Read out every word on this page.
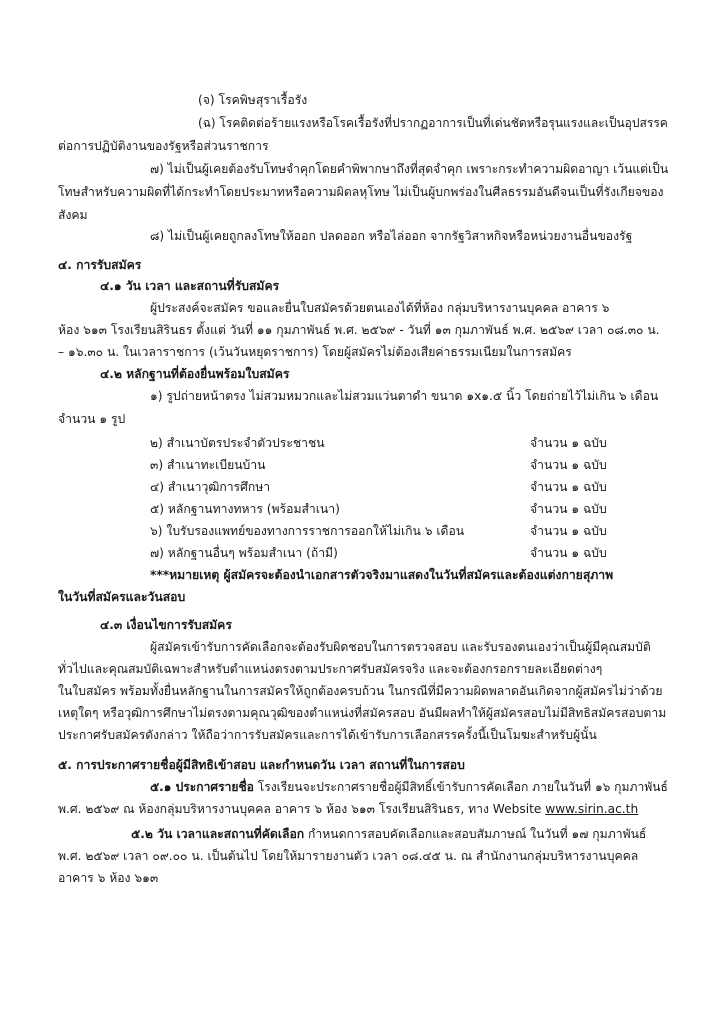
(จ) โรคพิษสุราเรื้อรัง
(ฉ) โรคติดต่อร้ายแรงหรือโรคเรื้อรังที่ปรากฏอาการเป็นที่เด่นชัดหรือรุนแรงและเป็นอุปสรรค
ต่อการปฏิบัติงานของรัฐหรือส่วนราชการ
๗) ไม่เป็นผู้เคยต้องรับโทษจำคุกโดยคำพิพากษาถึงที่สุดจำคุก เพราะกระทำความผิดอาญา เว้นแต่เป็น
โทษสำหรับความผิดที่ได้กระทำโดยประมาทหรือความผิดลหุโทษ ไม่เป็นผู้บกพร่องในศีลธรรมอันดีจนเป็นที่รังเกียจของ
สังคม
๘) ไม่เป็นผู้เคยถูกลงโทษให้ออก ปลดออก หรือไล่ออก จากรัฐวิสาหกิจหรือหน่วยงานอื่นของรัฐ
๔. การรับสมัคร
๔.๑ วัน เวลา และสถานที่รับสมัคร
ผู้ประสงค์จะสมัคร ขอและยื่นใบสมัครด้วยตนเองได้ที่ห้อง กลุ่มบริหารงานบุคคล อาคาร ๖
ห้อง ๖๑๓ โรงเรียนสิรินธร ตั้งแต่ วันที่ ๑๑ กุมภาพันธ์ พ.ศ. ๒๕๖๙ - วันที่ ๑๓ กุมภาพันธ์ พ.ศ. ๒๕๖๙ เวลา ๐๘.๓๐ น.
– ๑๖.๓๐ น. ในเวลาราชการ (เว้นวันหยุดราชการ) โดยผู้สมัครไม่ต้องเสียค่าธรรมเนียมในการสมัคร
๔.๒ หลักฐานที่ต้องยื่นพร้อมใบสมัคร
๑) รูปถ่ายหน้าตรง ไม่สวมหมวกและไม่สวมแว่นตาดำ ขนาด ๑x๑.๕ นิ้ว โดยถ่ายไว้ไม่เกิน ๖ เดือน
จำนวน ๑ รูป
๒) สำเนาบัตรประจำตัวประชาชน	จำนวน ๑ ฉบับ
๓) สำเนาทะเบียนบ้าน	จำนวน ๑ ฉบับ
๔) สำเนาวุฒิการศึกษา	จำนวน ๑ ฉบับ
๕) หลักฐานทางทหาร (พร้อมสำเนา)	จำนวน ๑ ฉบับ
๖) ใบรับรองแพทย์ของทางการราชการออกให้ไม่เกิน ๖ เดือน	จำนวน ๑ ฉบับ
๗) หลักฐานอื่นๆ พร้อมสำเนา (ถ้ามี)	จำนวน ๑ ฉบับ
***หมายเหตุ ผู้สมัครจะต้องนำเอกสารตัวจริงมาแสดงในวันที่สมัครและต้องแต่งกายสุภาพ
ในวันที่สมัครและวันสอบ
๔.๓ เงื่อนไขการรับสมัคร
ผู้สมัครเข้ารับการคัดเลือกจะต้องรับผิดชอบในการตรวจสอบ และรับรองตนเองว่าเป็นผู้มีคุณสมบัติ
ทั่วไปและคุณสมบัติเฉพาะสำหรับตำแหน่งตรงตามประกาศรับสมัครจริง และจะต้องกรอกรายละเอียดต่างๆ
ในใบสมัคร พร้อมทั้งยื่นหลักฐานในการสมัครให้ถูกต้องครบถ้วน ในกรณีที่มีความผิดพลาดอันเกิดจากผู้สมัครไม่ว่าด้วย
เหตุใดๆ หรือวุฒิการศึกษาไม่ตรงตามคุณวุฒิของตำแหน่งที่สมัครสอบ อันมีผลทำให้ผู้สมัครสอบไม่มีสิทธิสมัครสอบตาม
ประกาศรับสมัครดังกล่าว ให้ถือว่าการรับสมัครและการได้เข้ารับการเลือกสรรครั้งนี้เป็นโมฆะสำหรับผู้นั้น
๕. การประกาศรายชื่อผู้มีสิทธิเข้าสอบ และกำหนดวัน เวลา สถานที่ในการสอบ
๕.๑ ประกาศรายชื่อ โรงเรียนจะประกาศรายชื่อผู้มีสิทธิ์เข้ารับการคัดเลือก ภายในวันที่ ๑๖ กุมภาพันธ์
พ.ศ. ๒๕๖๙ ณ ห้องกลุ่มบริหารงานบุคคล อาคาร ๖ ห้อง ๖๑๓ โรงเรียนสิรินธร, ทาง Website www.sirin.ac.th
๕.๒ วัน เวลาและสถานที่คัดเลือก กำหนดการสอบคัดเลือกและสอบสัมภาษณ์ ในวันที่ ๑๗ กุมภาพันธ์
พ.ศ. ๒๕๖๙ เวลา ๐๙.๐๐ น. เป็นต้นไป โดยให้มารายงานตัว เวลา ๐๘.๔๕ น. ณ สำนักงานกลุ่มบริหารงานบุคคล
อาคาร ๖ ห้อง ๖๑๓
